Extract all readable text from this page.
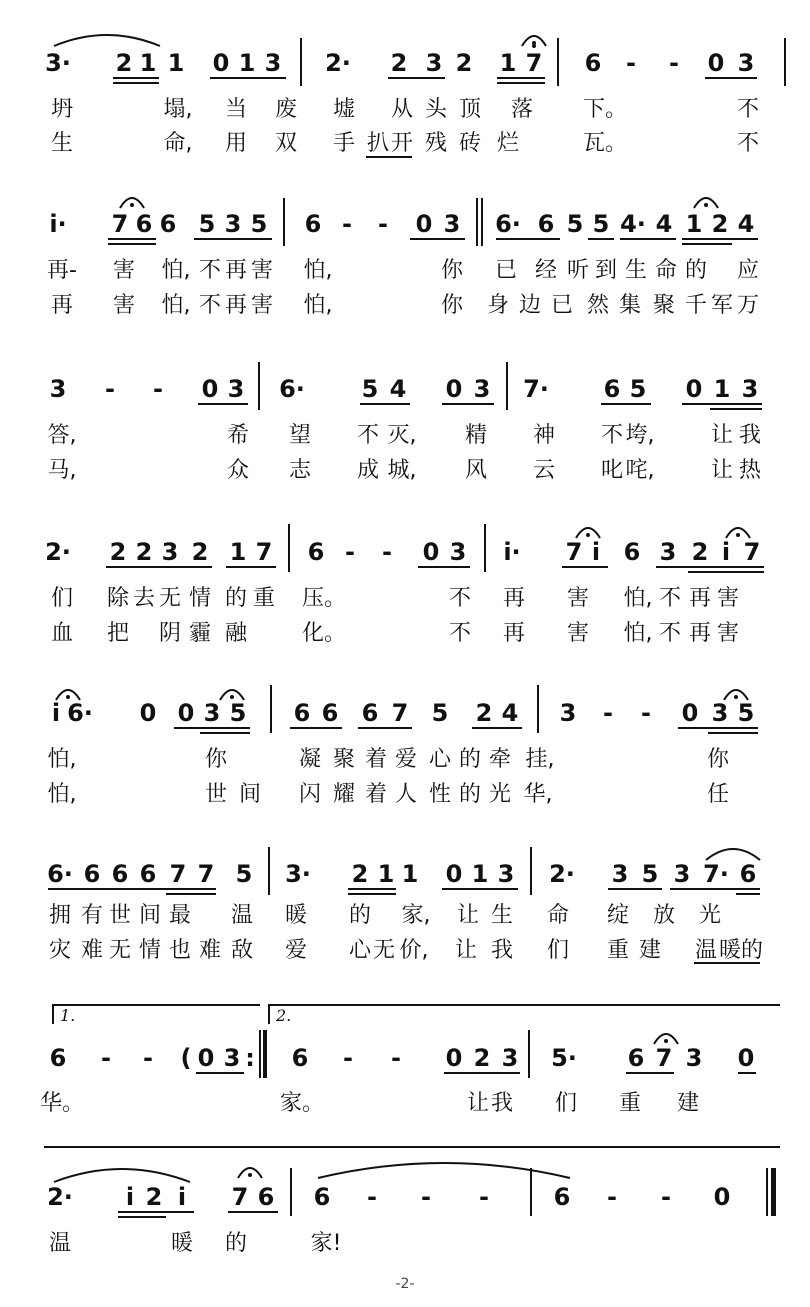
3· 2 1 1 0 1 3 2· 2 3 2 1 7 6 - - 0 3
坍	塌, 当 废 墟 从 头 顶 落 下。	不
生	命, 用 双 手 扒 开 残 砖 烂	瓦。	不
i· 7 6 6 5 3 5 6 - - 0 3 6· 6 5 5 4· 4 1 2 4
再- 害 怕, 不 再 害 怕,	你 已 经 听 到 生 命 的 应
再 害 怕, 不 再 害 怕,	你 身 边 已 然 集 聚 千 军 万
3 - - 0 3 6· 5 4 0 3 7· 6 5 0 1 3
答,	希 望 不 灭, 精 神 不 垮,	让 我
马,	众 志 成 城, 风 云 叱 咤,	让 热
2· 2 2 3 2 1 7 6 - - 0 3 i· 7 i 6 3 2 i 7
们 除 去 无 情 的 重 压。	不 再 害 怕, 不 再 害
血 把 阴 霾 融 化。	不 再 害 怕, 不 再 害
i 6· 0 0 3 5 6 6 6 7 5 2 4 3 - - 0 3 5
怕,	你	凝 聚 着 爱 心 的 牵 挂,	你
怕,	世 间 闪 耀 着 人 性 的 光 华,	任
6· 6 6 6 7 7 5 3· 2 1 1 0 1 3 2· 3 5 3 7· 6
拥 有 世 间 最 温 暖 的 家, 让 生 命 绽 放 光
灾 难 无 情 也 难 敌 爱 心 无 价, 让 我 们 重 建 温 暖 的
1.	2.
6 - - ( 0 3 : 6 - - 0 2 3 5· 6 7 3 0
华。	家。	让 我 们 重 建
2· i 2 i 7 6 6 - - -	6 - - 0
温	暖 的	家!
-2-
